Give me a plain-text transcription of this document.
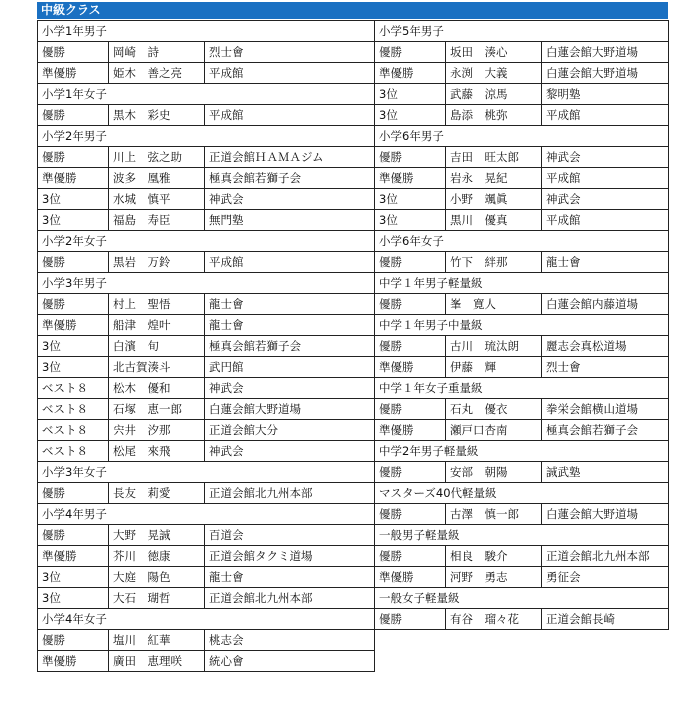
中級クラス
小学1年男子		
優勝	岡崎　詩	烈士會
準優勝	姫木　善之亮	平成館
小学1年女子		
優勝	黒木　彩史	平成館
小学2年男子		
優勝	川上　弦之助	正道会館ＨＡＭＡジム
準優勝	波多　凰雅	極真会館若獅子会
3位	水城　慎平	神武会
3位	福島　寿臣	無門塾
小学2年女子		
優勝	黒岩　万鈴	平成館
小学3年男子		
優勝	村上　聖悟	龍士會
準優勝	船津　煌叶	龍士會
3位	白濱　旬	極真会館若獅子会
3位	北古賀湊斗	武円館
ベスト８	松木　優和	神武会
ベスト８	石塚　恵一郎	白蓮会館大野道場
ベスト８	宍井　汐那	正道会館大分
ベスト８	松尾　來飛	神武会
小学3年女子		
優勝	長友　莉愛	正道会館北九州本部
小学4年男子		
優勝	大野　晃誠	百道会
準優勝	芥川　徳康	正道会館タクミ道場
3位	大庭　陽色	龍士會
3位	大石　瑚哲	正道会館北九州本部
小学4年女子		
優勝	塩川　紅華	桃志会
準優勝	廣田　恵理咲	統心會
小学5年男子		
優勝	坂田　湊心	白蓮会館大野道場
準優勝	永渕　大義	白蓮会館大野道場
3位	武藤　涼馬	黎明塾
3位	島添　桃弥	平成館
小学6年男子		
優勝	吉田　旺太郎	神武会
準優勝	岩永　晃紀	平成館
3位	小野　颯眞	神武会
3位	黒川　優真	平成館
小学6年女子		
優勝	竹下　絆那	龍士會
中学１年男子軽量級		
優勝	峯　寛人	白蓮会館内藤道場
中学１年男子中量級		
優勝	古川　琉汰朗	麗志会真松道場
準優勝	伊藤　輝	烈士會
中学１年女子重量級		
優勝	石丸　優衣	拳栄会館横山道場
準優勝	瀬戸口杏南	極真会館若獅子会
中学2年男子軽量級		
優勝	安部　朝陽	誠武塾
マスターズ40代軽量級		
優勝	古澤　慎一郎	白蓮会館大野道場
一般男子軽量級		
優勝	相良　駿介	正道会館北九州本部
準優勝	河野　勇志	勇征会
一般女子軽量級		
優勝	有谷　瑠々花	正道会館長崎
